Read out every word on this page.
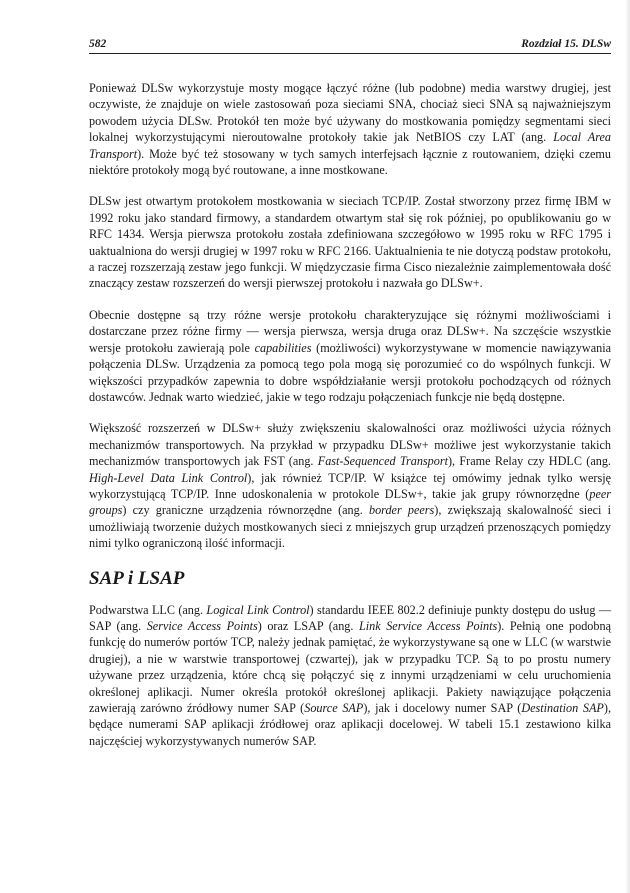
582	Rozdział 15. DLSw

Ponieważ DLSw wykorzystuje mosty mogące łączyć różne (lub podobne) media warstwy drugiej, jest oczywiste, że znajduje on wiele zastosowań poza sieciami SNA, chociaż sieci SNA są najważniejszym powodem użycia DLSw. Protokół ten może być używany do mostkowania pomiędzy segmentami sieci lokalnej wykorzystującymi nieroutowalne protokoły takie jak NetBIOS czy LAT (ang. Local Area Transport). Może być też stosowany w tych samych interfejsach łącznie z routowaniem, dzięki czemu niektóre protokoły mogą być routowane, a inne mostkowane.

DLSw jest otwartym protokołem mostkowania w sieciach TCP/IP. Został stworzony przez firmę IBM w 1992 roku jako standard firmowy, a standardem otwartym stał się rok później, po opublikowaniu go w RFC 1434. Wersja pierwsza protokołu została zdefiniowana szczegółowo w 1995 roku w RFC 1795 i uaktualniona do wersji drugiej w 1997 roku w RFC 2166. Uaktualnienia te nie dotyczą podstaw protokołu, a raczej rozszerzają zestaw jego funkcji. W międzyczasie firma Cisco niezależnie zaimplementowała dość znaczący zestaw rozszerzeń do wersji pierwszej protokołu i nazwała go DLSw+.

Obecnie dostępne są trzy różne wersje protokołu charakteryzujące się różnymi możliwościami i dostarczane przez różne firmy — wersja pierwsza, wersja druga oraz DLSw+. Na szczęście wszystkie wersje protokołu zawierają pole capabilities (możliwości) wykorzystywane w momencie nawiązywania połączenia DLSw. Urządzenia za pomocą tego pola mogą się porozumieć co do wspólnych funkcji. W większości przypadków zapewnia to dobre współdziałanie wersji protokołu pochodzących od różnych dostawców. Jednak warto wiedzieć, jakie w tego rodzaju połączeniach funkcje nie będą dostępne.

Większość rozszerzeń w DLSw+ służy zwiększeniu skalowalności oraz możliwości użycia różnych mechanizmów transportowych. Na przykład w przypadku DLSw+ możliwe jest wykorzystanie takich mechanizmów transportowych jak FST (ang. Fast-Sequenced Transport), Frame Relay czy HDLC (ang. High-Level Data Link Control), jak również TCP/IP. W książce tej omówimy jednak tylko wersję wykorzystującą TCP/IP. Inne udoskonalenia w protokole DLSw+, takie jak grupy równorzędne (peer groups) czy graniczne urządzenia równorzędne (ang. border peers), zwiększają skalowalność sieci i umożliwiają tworzenie dużych mostkowanych sieci z mniejszych grup urządzeń przenoszących pomiędzy nimi tylko ograniczoną ilość informacji.

SAP i LSAP

Podwarstwa LLC (ang. Logical Link Control) standardu IEEE 802.2 definiuje punkty dostępu do usług — SAP (ang. Service Access Points) oraz LSAP (ang. Link Service Access Points). Pełnią one podobną funkcję do numerów portów TCP, należy jednak pamiętać, że wykorzystywane są one w LLC (w warstwie drugiej), a nie w warstwie transportowej (czwartej), jak w przypadku TCP. Są to po prostu numery używane przez urządzenia, które chcą się połączyć się z innymi urządzeniami w celu uruchomienia określonej aplikacji. Numer określa protokół określonej aplikacji. Pakiety nawiązujące połączenia zawierają zarówno źródłowy numer SAP (Source SAP), jak i docelowy numer SAP (Destination SAP), będące numerami SAP aplikacji źródłowej oraz aplikacji docelowej. W tabeli 15.1 zestawiono kilka najczęściej wykorzystywanych numerów SAP.
